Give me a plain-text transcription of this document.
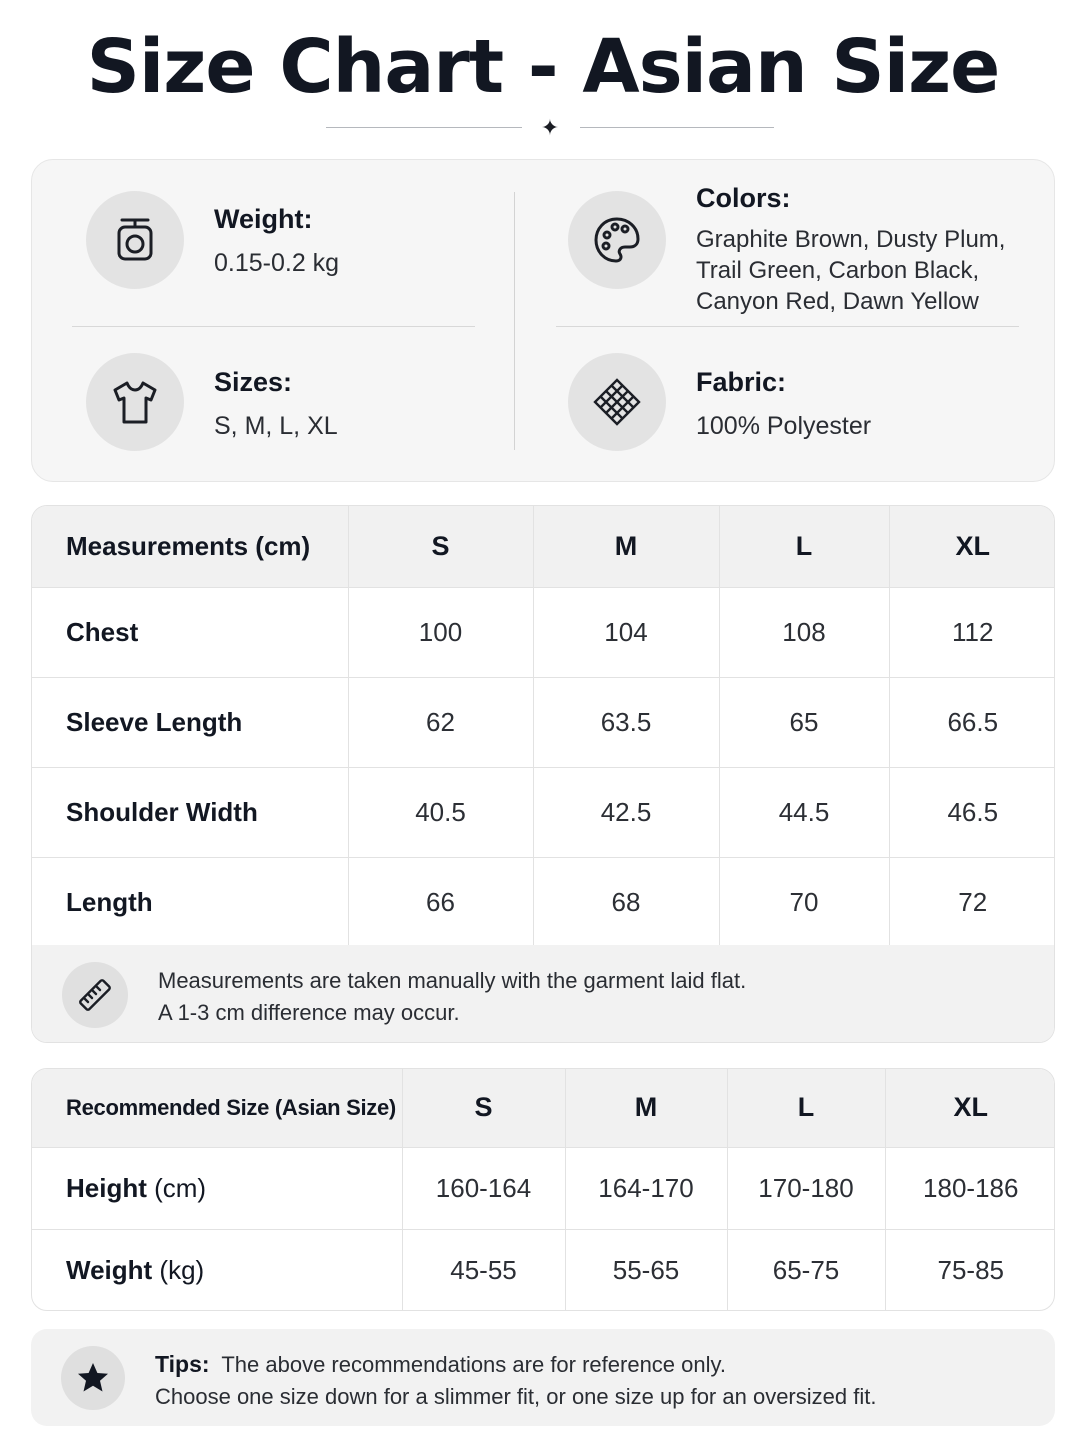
Size Chart - Asian Size
✦
Weight:
0.15-0.2 kg
Colors:
Graphite Brown, Dusty Plum,
Trail Green, Carbon Black,
Canyon Red, Dawn Yellow
Sizes:
S, M, L, XL
Fabric:
100% Polyester
Measurements (cm)	S	M	L	XL
Chest	100	104	108	112
Sleeve Length	62	63.5	65	66.5
Shoulder Width	40.5	42.5	44.5	46.5
Length	66	68	70	72
Measurements are taken manually with the garment laid flat.
A 1-3 cm difference may occur.
Recommended Size (Asian Size)	S	M	L	XL
Height (cm)	160-164	164-170	170-180	180-186
Weight (kg)	45-55	55-65	65-75	75-85
Tips: The above recommendations are for reference only.
Choose one size down for a slimmer fit, or one size up for an oversized fit.
